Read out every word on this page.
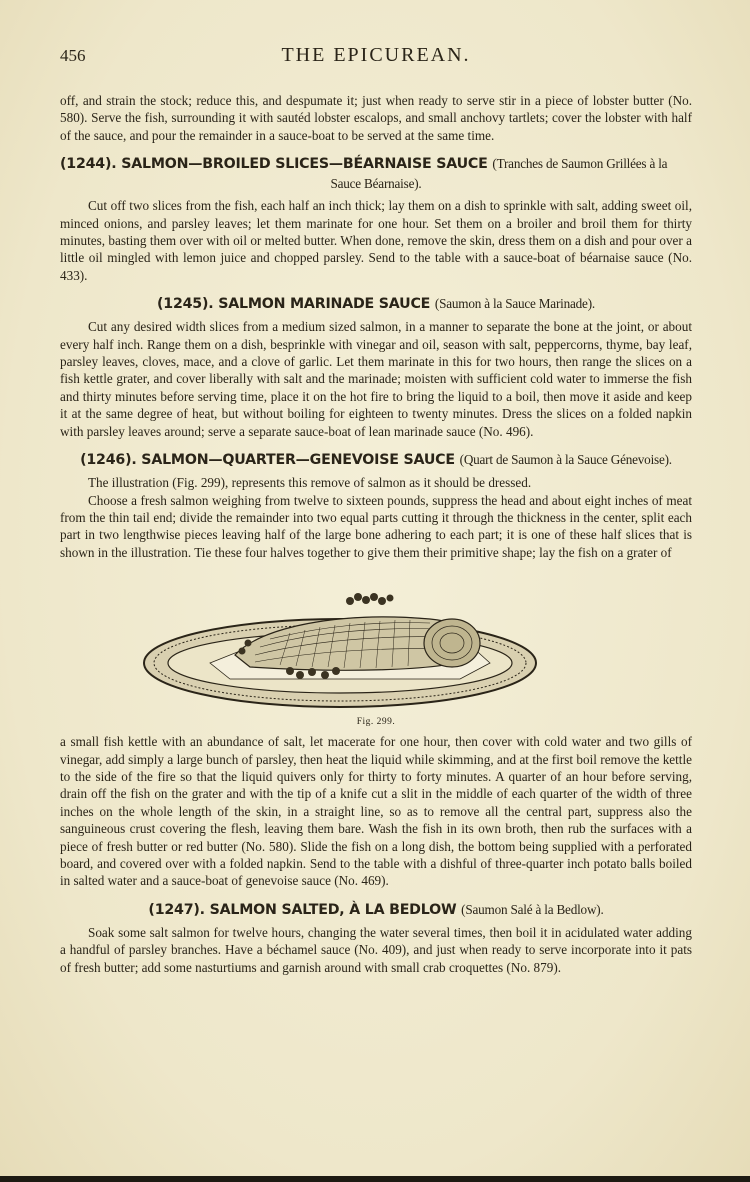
456	THE EPICUREAN.

off, and strain the stock; reduce this, and despumate it; just when ready to serve stir in a piece of lobster butter (No. 580). Serve the fish, surrounding it with sautéd lobster escalops, and small anchovy tartlets; cover the lobster with half of the sauce, and pour the remainder in a sauce-boat to be served at the same time.

(1244). SALMON—BROILED SLICES—BÉARNAISE SAUCE (Tranches de Saumon Grillées à la
Sauce Béarnaise).

Cut off two slices from the fish, each half an inch thick; lay them on a dish to sprinkle with salt, adding sweet oil, minced onions, and parsley leaves; let them marinate for one hour. Set them on a broiler and broil them for thirty minutes, basting them over with oil or melted butter. When done, remove the skin, dress them on a dish and pour over a little oil mingled with lemon juice and chopped parsley. Send to the table with a sauce-boat of béarnaise sauce (No. 433).

(1245). SALMON MARINADE SAUCE (Saumon à la Sauce Marinade).

Cut any desired width slices from a medium sized salmon, in a manner to separate the bone at the joint, or about every half inch. Range them on a dish, besprinkle with vinegar and oil, season with salt, peppercorns, thyme, bay leaf, parsley leaves, cloves, mace, and a clove of garlic. Let them marinate in this for two hours, then range the slices on a fish kettle grater, and cover liberally with salt and the marinade; moisten with sufficient cold water to immerse the fish and thirty minutes before serving time, place it on the hot fire to bring the liquid to a boil, then move it aside and keep it at the same degree of heat, but without boiling for eighteen to twenty minutes. Dress the slices on a folded napkin with parsley leaves around; serve a separate sauce-boat of lean marinade sauce (No. 496).

(1246). SALMON—QUARTER—GENEVOISE SAUCE (Quart de Saumon à la Sauce Génevoise).

The illustration (Fig. 299), represents this remove of salmon as it should be dressed.

Choose a fresh salmon weighing from twelve to sixteen pounds, suppress the head and about eight inches of meat from the thin tail end; divide the remainder into two equal parts cutting it through the thickness in the center, split each part in two lengthwise pieces leaving half of the large bone adhering to each part; it is one of these half slices that is shown in the illustration. Tie these four halves together to give them their primitive shape; lay the fish on a grater of

Fig. 299.

a small fish kettle with an abundance of salt, let macerate for one hour, then cover with cold water and two gills of vinegar, add simply a large bunch of parsley, then heat the liquid while skimming, and at the first boil remove the kettle to the side of the fire so that the liquid quivers only for thirty to forty minutes. A quarter of an hour before serving, drain off the fish on the grater and with the tip of a knife cut a slit in the middle of each quarter of the width of three inches on the whole length of the skin, in a straight line, so as to remove all the central part, suppress also the sanguineous crust covering the flesh, leaving them bare. Wash the fish in its own broth, then rub the surfaces with a piece of fresh butter or red butter (No. 580). Slide the fish on a long dish, the bottom being supplied with a perforated board, and covered over with a folded napkin. Send to the table with a dishful of three-quarter inch potato balls boiled in salted water and a sauce-boat of genevoise sauce (No. 469).

(1247). SALMON SALTED, À LA BEDLOW (Saumon Salé à la Bedlow).

Soak some salt salmon for twelve hours, changing the water several times, then boil it in acidulated water adding a handful of parsley branches. Have a béchamel sauce (No. 409), and just when ready to serve incorporate into it pats of fresh butter; add some nasturtiums and garnish around with small crab croquettes (No. 879).
